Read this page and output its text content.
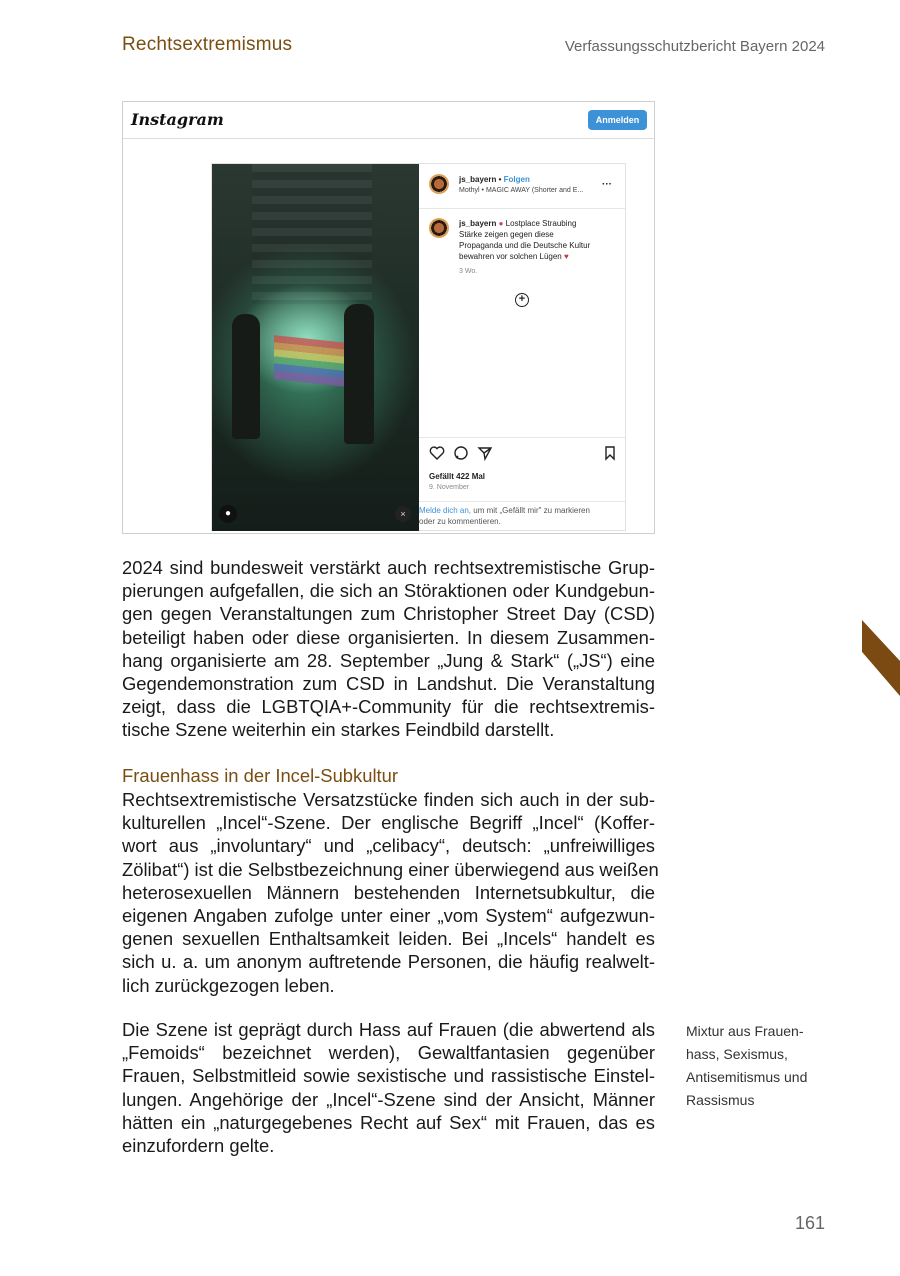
Rechtsextremismus	Verfassungsschutzbericht Bayern 2024
Instagram	Anmelden
●	×
js_bayern • Folgen
Mothyl • MAGIC AWAY (Shorter and E...
···
js_bayern ● Lostplace Straubing
Stärke zeigen gegen diese
Propaganda und die Deutsche Kultur
bewahren vor solchen Lügen ♥
3 Wo.
+
Gefällt 422 Mal
9. November
Melde dich an, um mit „Gefällt mir" zu markieren
oder zu kommentieren.
2024 sind bundesweit verstärkt auch rechtsextremistische Grup-
pierungen aufgefallen, die sich an Störaktionen oder Kundgebun-
gen gegen Veranstaltungen zum Christopher Street Day (CSD)
beteiligt haben oder diese organisierten. In diesem Zusammen-
hang organisierte am 28. September „Jung & Stark“ („JS“) eine
Gegendemonstration zum CSD in Landshut. Die Veranstaltung
zeigt, dass die LGBTQIA+-Community für die rechtsextremis-
tische Szene weiterhin ein starkes Feindbild darstellt.
Frauenhass in der Incel-Subkultur
Rechtsextremistische Versatzstücke finden sich auch in der sub-
kulturellen „Incel“-Szene. Der englische Begriff „Incel“ (Koffer-
wort aus „involuntary“ und „celibacy“, deutsch: „unfreiwilliges
Zölibat“) ist die Selbstbezeichnung einer überwiegend aus weißen
heterosexuellen Männern bestehenden Internetsubkultur, die
eigenen Angaben zufolge unter einer „vom System“ aufgezwun-
genen sexuellen Enthaltsamkeit leiden. Bei „Incels“ handelt es
sich u. a. um anonym auftretende Personen, die häufig realwelt-
lich zurückgezogen leben.
Die Szene ist geprägt durch Hass auf Frauen (die abwertend als
„Femoids“ bezeichnet werden), Gewaltfantasien gegenüber
Frauen, Selbstmitleid sowie sexistische und rassistische Einstel-
lungen. Angehörige der „Incel“-Szene sind der Ansicht, Männer
hätten ein „naturgegebenes Recht auf Sex“ mit Frauen, das es
einzufordern gelte.
Mixtur aus Frauen-
hass, Sexismus,
Antisemitismus und
Rassismus
161
